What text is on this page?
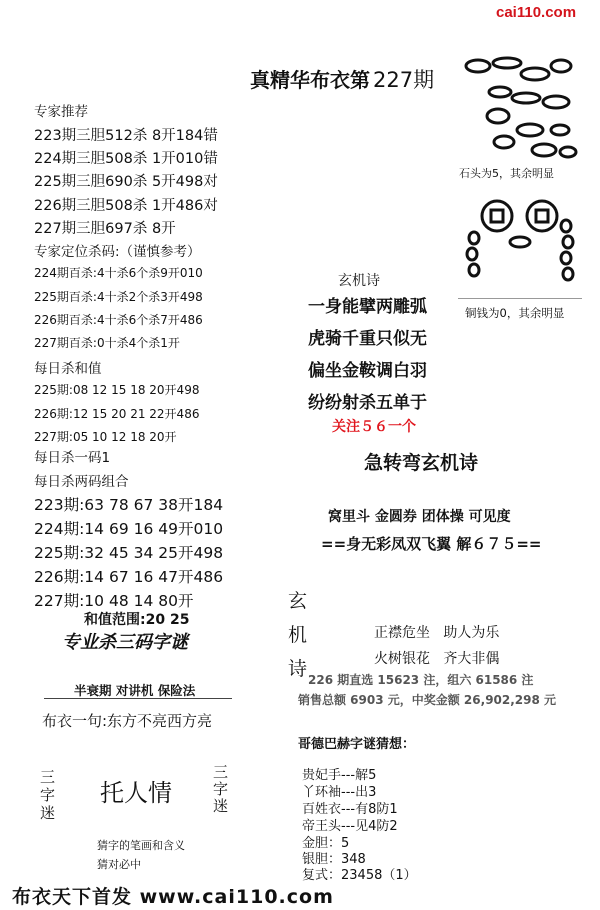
cai110.com
真精华布衣第 227期
专家推荐
223期三胆512杀 8开184错
224期三胆508杀 1开010错
225期三胆690杀 5开498对
226期三胆508杀 1开486对
227期三胆697杀 8开
专家定位杀码:（谨慎参考）
224期百杀:4十杀6个杀9开010
225期百杀:4十杀2个杀3开498
226期百杀:4十杀6个杀7开486
227期百杀:0十杀4个杀1开
每日杀和值
225期:08 12 15 18 20开498
226期:12 15 20 21 22开486
227期:05 10 12 18 20开
每日杀一码1
每日杀两码组合
223期:63 78 67 38开184
224期:14 69 16 49开010
225期:32 45 34 25开498
226期:14 67 16 47开486
227期:10 48 14 80开
和值范围:20 25
专业杀三码字谜
半衰期 对讲机 保险法
布衣一句:东方不亮西方亮
三字迷
托人情
三字迷
猜字的笔画和含义
猜对必中
石头为5，其余明显
铜钱为0，其余明显
玄机诗
一身能擘两雕弧
虎骑千重只似无
偏坐金鞍调白羽
纷纷射杀五单于
关注５６一个
急转弯玄机诗
窝里斗 金圆券 团体操 可见度
==身无彩凤双飞翼 解６７５==
玄
机
诗
正襟危坐   助人为乐
火树银花   齐大非偶
226 期直选 15623 注，组六 61586 注
销售总额 6903 元，中奖金额 26,902,298 元
哥德巴赫字谜猜想：
贵妃手---解5
丫环袖---出3
百姓衣---有8防1
帝王头---见4防2
金胆：5
银胆：348
复式：23458（1）
布衣天下首发 www.cai110.com
